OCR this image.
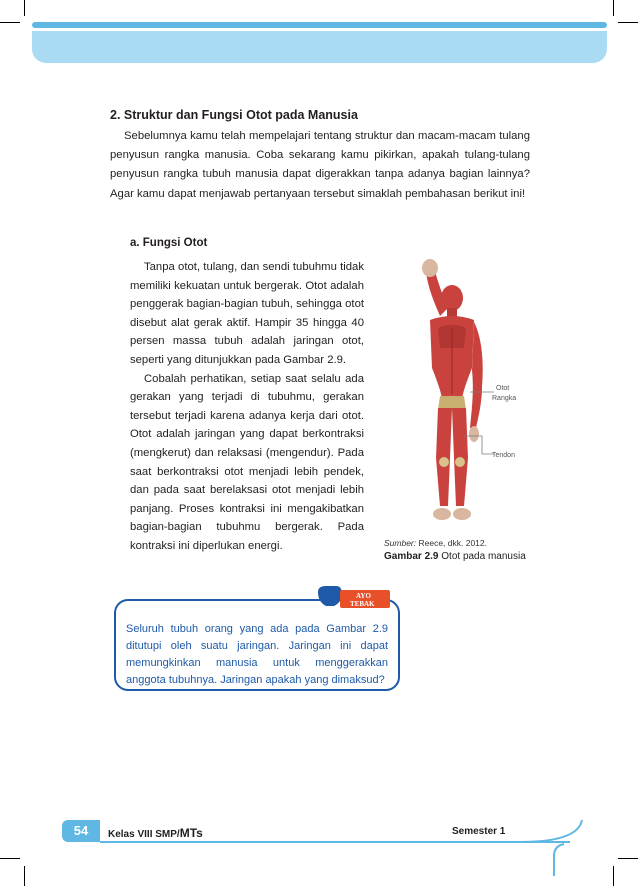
2. Struktur dan Fungsi Otot pada Manusia
Sebelumnya kamu telah mempelajari tentang struktur dan macam-macam tulang penyusun rangka manusia. Coba sekarang kamu pikirkan, apakah tulang-tulang penyusun rangka tubuh manusia dapat digerakkan tanpa adanya bagian lainnya? Agar kamu dapat menjawab pertanyaan tersebut simaklah pembahasan berikut ini!
a. Fungsi Otot

Tanpa otot, tulang, dan sendi tubuhmu tidak memiliki kekuatan untuk bergerak. Otot adalah penggerak bagian-bagian tubuh, sehingga otot disebut alat gerak aktif. Hampir 35 hingga 40 persen massa tubuh adalah jaringan otot, seperti yang ditunjukkan pada Gambar 2.9.

Cobalah perhatikan, setiap saat selalu ada gerakan yang terjadi di tubuhmu, gerakan tersebut terjadi karena adanya kerja dari otot. Otot adalah jaringan yang dapat berkontraksi (mengkerut) dan relaksasi (mengendur). Pada saat berkontraksi otot menjadi lebih pendek, dan pada saat berelaksasi otot menjadi lebih panjang. Proses kontraksi ini mengakibatkan bagian-bagian tubuhmu bergerak. Pada kontraksi ini diperlukan energi.

Otot
Rangka
Tendon
Sumber: Reece, dkk. 2012.
Gambar 2.9 Otot pada manusia
AYO
TEBAK
Seluruh tubuh orang yang ada pada Gambar 2.9 ditutupi oleh suatu jaringan. Jaringan ini dapat memungkinkan manusia untuk menggerakkan anggota tubuhnya. Jaringan apakah yang dimaksud?
54	Kelas VIII SMP/MTs	Semester 1
